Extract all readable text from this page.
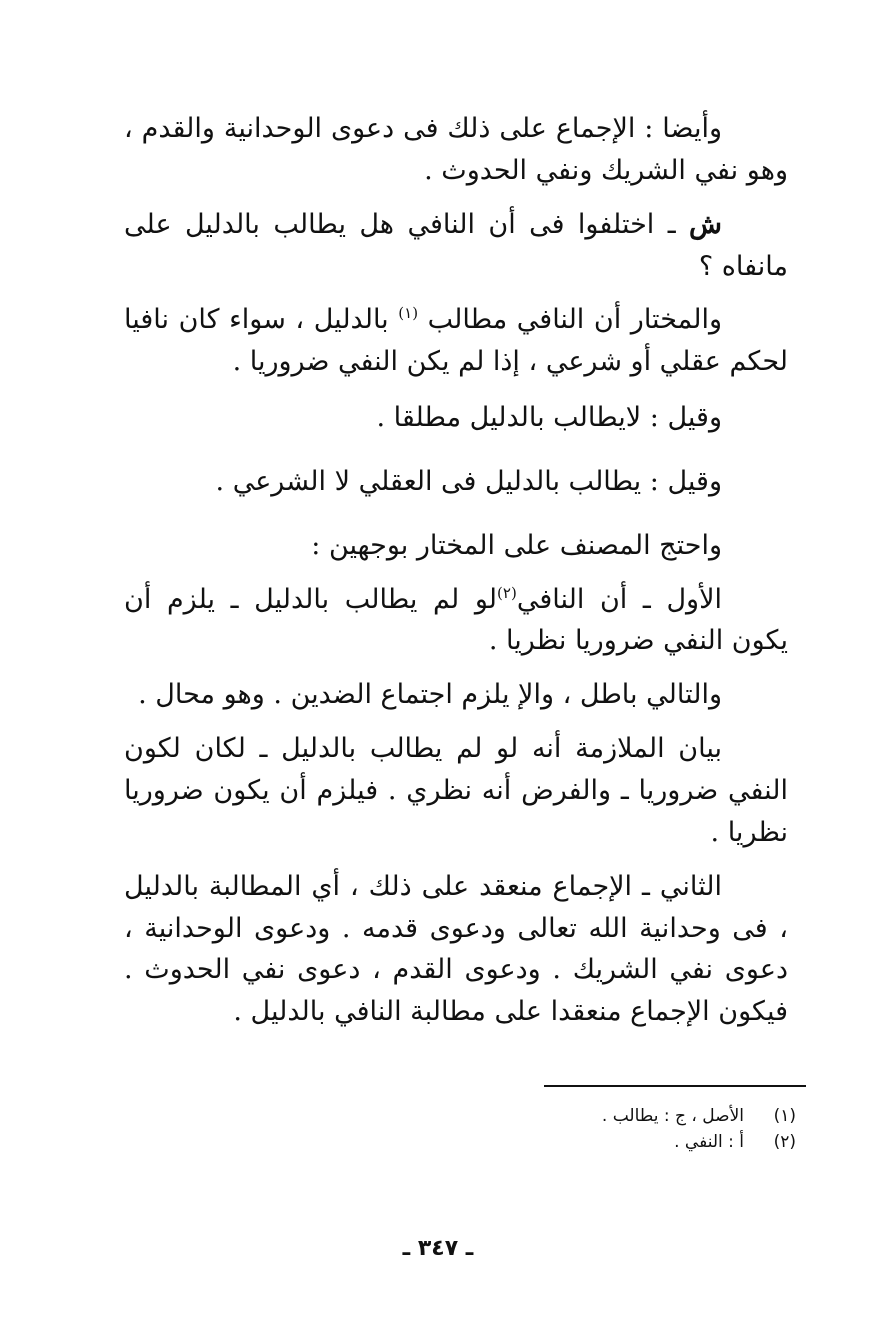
وأيضا : الإجماع على ذلك فى دعوى الوحدانية والقدم ، وهو نفي الشريك ونفي الحدوث .

ش ـ اختلفوا فى أن النافي هل يطالب بالدليل على مانفاه ؟

والمختار أن النافي مطالب $^{(١)}$ بالدليل ، سواء كان نافيا لحكم عقلي أو شرعي ، إذا لم يكن النفي ضروريا .

وقيل : لايطالب بالدليل مطلقا .

وقيل : يطالب بالدليل فى العقلي لا الشرعي .

واحتج المصنف على المختار بوجهين :

الأول ـ أن النافي$^{(٢)}$لو لم يطالب بالدليل ـ يلزم أن يكون النفي ضروريا نظريا .

والتالي باطل ، والإ يلزم اجتماع الضدين . وهو محال .

بيان الملازمة أنه لو لم يطالب بالدليل ـ لكان لكون النفي ضروريا ـ والفرض أنه نظري . فيلزم أن يكون ضروريا نظريا .

الثاني ـ الإجماع منعقد على ذلك ، أي المطالبة بالدليل ، فى وحدانية الله تعالى ودعوى قدمه . ودعوى الوحدانية ، دعوى نفي الشريك . ودعوى القدم ، دعوى نفي الحدوث . فيكون الإجماع منعقدا على مطالبة النافي بالدليل .

(١)
الأصل ، ج : يطالب .
(٢)
أ : النفي .
ـ ٣٤٧ ـ
